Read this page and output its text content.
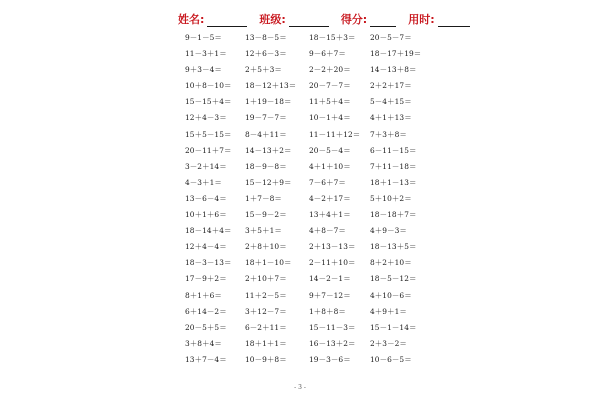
姓名:	班级:	得分:	用时:
9－1－5＝	13－8－5＝	18－15＋3＝	20－5－7＝
11－3＋1＝	12＋6－3＝	9－6＋7＝	18－17＋19＝
9＋3－4＝	2＋5＋3＝	2－2＋20＝	14－13＋8＝
10＋8－10＝	18－12＋13＝	20－7－7＝	2＋2＋17＝
15－15＋4＝	1＋19－18＝	11＋5＋4＝	5－4＋15＝
12＋4－3＝	19－7－7＝	10－1＋4＝	4＋1＋13＝
15＋5－15＝	8－4＋11＝	11－11＋12＝	7＋3＋8＝
20－11＋7＝	14－13＋2＝	20－5－4＝	6－11－15＝
3－2＋14＝	18－9－8＝	4＋1＋10＝	7＋11－18＝
4－3＋1＝	15－12＋9＝	7－6＋7＝	18＋1－13＝
13－6－4＝	1＋7－8＝	4－2＋17＝	5＋10＋2＝
10＋1＋6＝	15－9－2＝	13＋4＋1＝	18－18＋7＝
18－14＋4＝	3＋5＋1＝	4＋8－7＝	4＋9－3＝
12＋4－4＝	2＋8＋10＝	2＋13－13＝	18－13＋5＝
18－3－13＝	18＋1－10＝	2－11＋10＝	8＋2＋10＝
17－9＋2＝	2＋10＋7＝	14－2－1＝	18－5－12＝
8＋1＋6＝	11＋2－5＝	9＋7－12＝	4＋10－6＝
6＋14－2＝	3＋12－7＝	1＋8＋8＝	4＋9＋1＝
20－5＋5＝	6－2＋11＝	15－11－3＝	15－1－14＝
3＋8＋4＝	18＋1＋1＝	16－13＋2＝	2＋3－2＝
13＋7－4＝	10－9＋8＝	19－3－6＝	10－6－5＝
- 3 -
